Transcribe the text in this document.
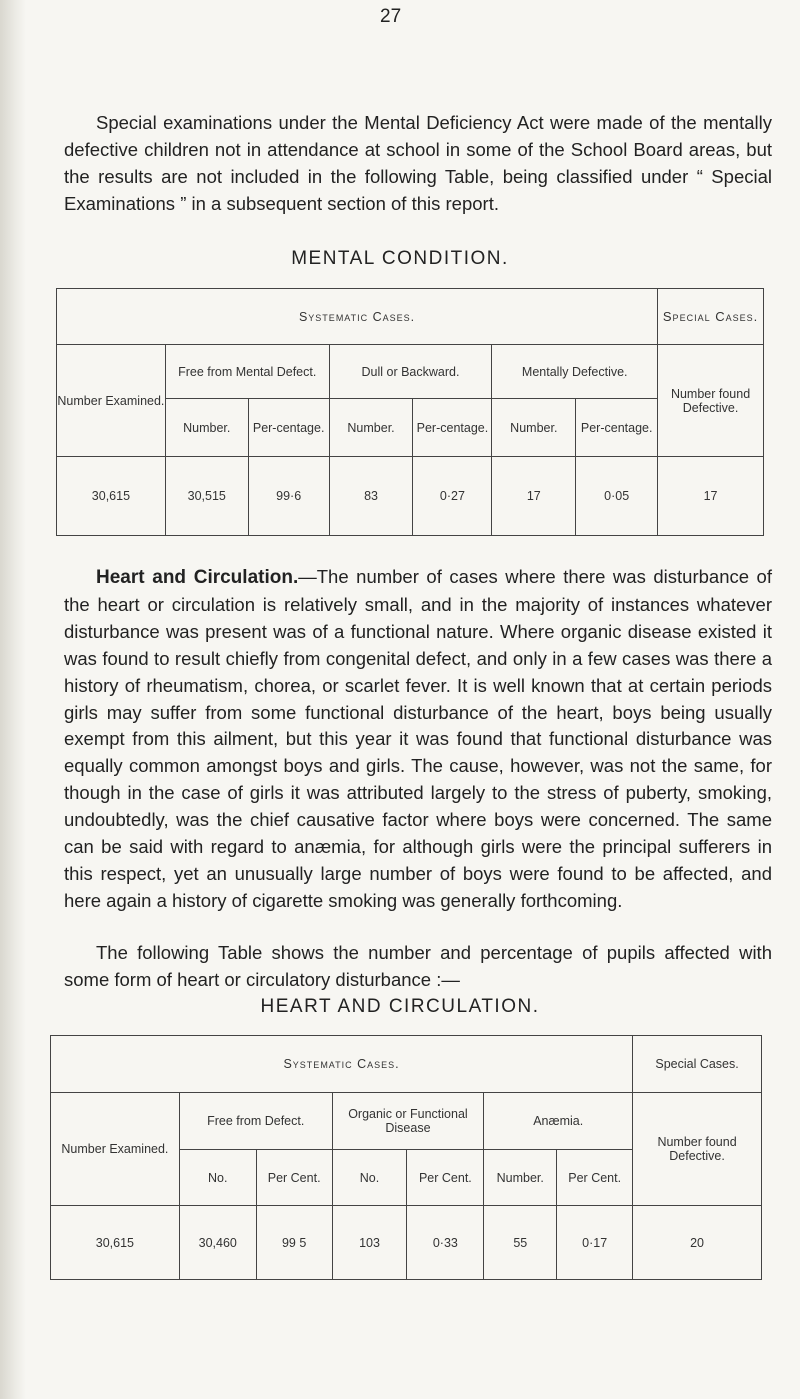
27

Special examinations under the Mental Deficiency Act were made of the mentally defective children not in attendance at school in some of the School Board areas, but the results are not included in the following Table, being classified under “ Special Examinations ” in a subsequent section of this report.

MENTAL CONDITION.
Systematic Cases.							Special Cases.
Number Examined.	Free from Mental Defect.		Dull or Backward.		Mentally Defective.		Number found Defective.
	Number.	Per-centage.	Number.	Per-centage.	Number.	Per-centage.	
30,615	30,515	99·6	83	0·27	17	0·05	17

Heart and Circulation.—The number of cases where there was disturbance of the heart or circulation is relatively small, and in the majority of instances whatever disturbance was present was of a functional nature. Where organic disease existed it was found to result chiefly from congenital defect, and only in a few cases was there a history of rheumatism, chorea, or scarlet fever. It is well known that at certain periods girls may suffer from some functional disturbance of the heart, boys being usually exempt from this ailment, but this year it was found that functional disturbance was equally common amongst boys and girls. The cause, however, was not the same, for though in the case of girls it was attributed largely to the stress of puberty, smoking, undoubtedly, was the chief causative factor where boys were concerned. The same can be said with regard to anæmia, for although girls were the principal sufferers in this respect, yet an unusually large number of boys were found to be affected, and here again a history of cigarette smoking was generally forthcoming.

The following Table shows the number and percentage of pupils affected with some form of heart or circulatory disturbance :—

HEART AND CIRCULATION.
Systematic Cases.							Special Cases.
Number Examined.	Free from Defect.		Organic or Functional Disease		Anæmia.		Number found Defective.
	No.	Per Cent.	No.	Per Cent.	Number.	Per Cent.	
30,615	30,460	99 5	103	0·33	55	0·17	20
